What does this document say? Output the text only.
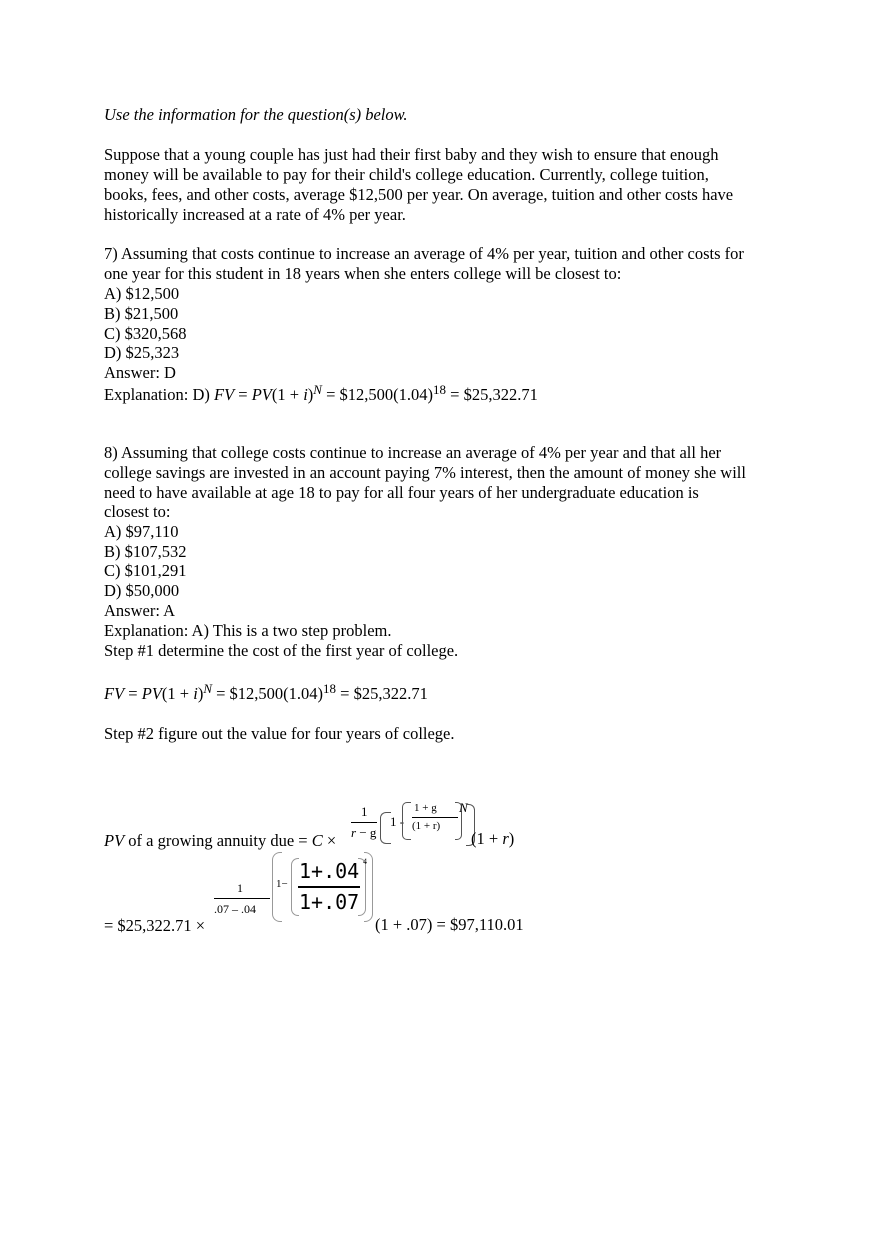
Use the information for the question(s) below.
Suppose that a young couple has just had their first baby and they wish to ensure that enough
money will be available to pay for their child's college education. Currently, college tuition,
books, fees, and other costs, average $12,500 per year. On average, tuition and other costs have
historically increased at a rate of 4% per year.
7) Assuming that costs continue to increase an average of 4% per year, tuition and other costs for
one year for this student in 18 years when she enters college will be closest to:
A) $12,500
B) $21,500
C) $320,568
D) $25,323
Answer: D
Explanation: D) FV = $PV(1 + i)^N$ = $\$12,500(1.04)^{18}$ = $25,322.71
8) Assuming that college costs continue to increase an average of 4% per year and that all her
college savings are invested in an account paying 7% interest, then the amount of money she will
need to have available at age 18 to pay for all four years of her undergraduate education is
closest to:
A) $97,110
B) $107,532
C) $101,291
D) $50,000
Answer: A
Explanation: A) This is a two step problem.
Step #1 determine the cost of the first year of college.
FV = $PV(1 + i)^N$ = $\$12,500(1.04)^{18}$ = $25,322.71
Step #2 figure out the value for four years of college.
PV of a growing annuity due = C ×
1
r − g
1 -
1 + g
(1 + r)
N
(1 + r)
= $25,322.71 ×
1
.07 – .04
1−
1+.04
1+.07
4
(1 + .07) = $97,110.01
